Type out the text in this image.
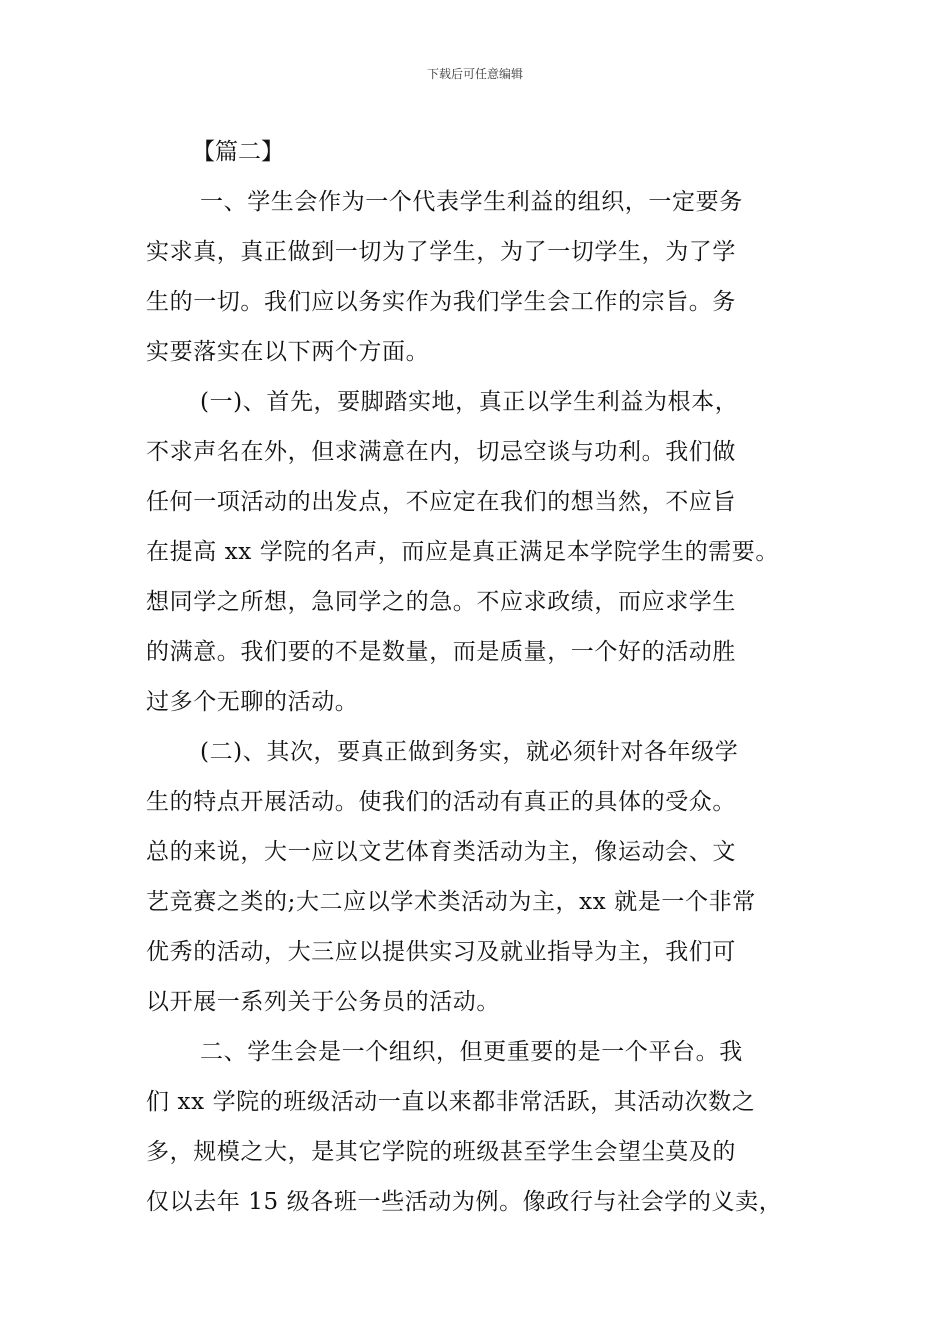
下载后可任意编辑
【篇二】
一、学生会作为一个代表学生利益的组织，一定要务
实求真，真正做到一切为了学生，为了一切学生，为了学
生的一切。我们应以务实作为我们学生会工作的宗旨。务
实要落实在以下两个方面。
(一)、首先，要脚踏实地，真正以学生利益为根本，
不求声名在外，但求满意在内，切忌空谈与功利。我们做
任何一项活动的出发点，不应定在我们的想当然，不应旨
在提高 xx 学院的名声，而应是真正满足本学院学生的需要。
想同学之所想，急同学之的急。不应求政绩，而应求学生
的满意。我们要的不是数量，而是质量，一个好的活动胜
过多个无聊的活动。
(二)、其次，要真正做到务实，就必须针对各年级学
生的特点开展活动。使我们的活动有真正的具体的受众。
总的来说，大一应以文艺体育类活动为主，像运动会、文
艺竞赛之类的;大二应以学术类活动为主，xx 就是一个非常
优秀的活动，大三应以提供实习及就业指导为主，我们可
以开展一系列关于公务员的活动。
二、学生会是一个组织，但更重要的是一个平台。我
们 xx 学院的班级活动一直以来都非常活跃，其活动次数之
多，规模之大，是其它学院的班级甚至学生会望尘莫及的
仅以去年 15 级各班一些活动为例。像政行与社会学的义卖，
